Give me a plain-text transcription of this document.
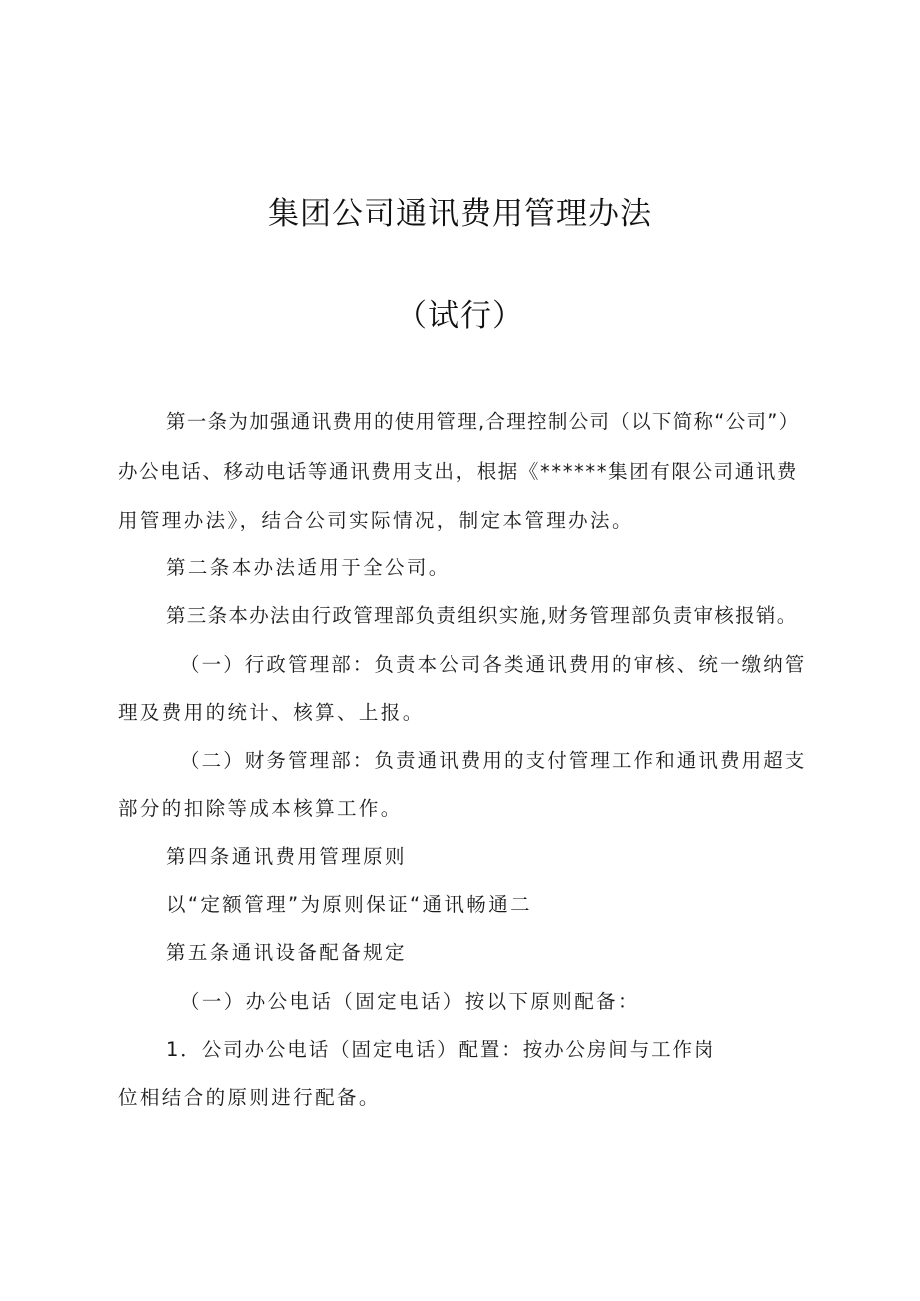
集团公司通讯费用管理办法
（试行）
第一条为加强通讯费用的使用管理,合理控制公司（以下简称“公司”）
办公电话、移动电话等通讯费用支出，根据《******集团有限公司通讯费
用管理办法》，结合公司实际情况，制定本管理办法。
第二条本办法适用于全公司。
第三条本办法由行政管理部负责组织实施,财务管理部负责审核报销。
（一）行政管理部：负责本公司各类通讯费用的审核、统一缴纳管
理及费用的统计、核算、上报。
（二）财务管理部：负责通讯费用的支付管理工作和通讯费用超支
部分的扣除等成本核算工作。
第四条通讯费用管理原则
以“定额管理”为原则保证“通讯畅通二
第五条通讯设备配备规定
（一）办公电话（固定电话）按以下原则配备：
1．公司办公电话（固定电话）配置：按办公房间与工作岗
位相结合的原则进行配备。
